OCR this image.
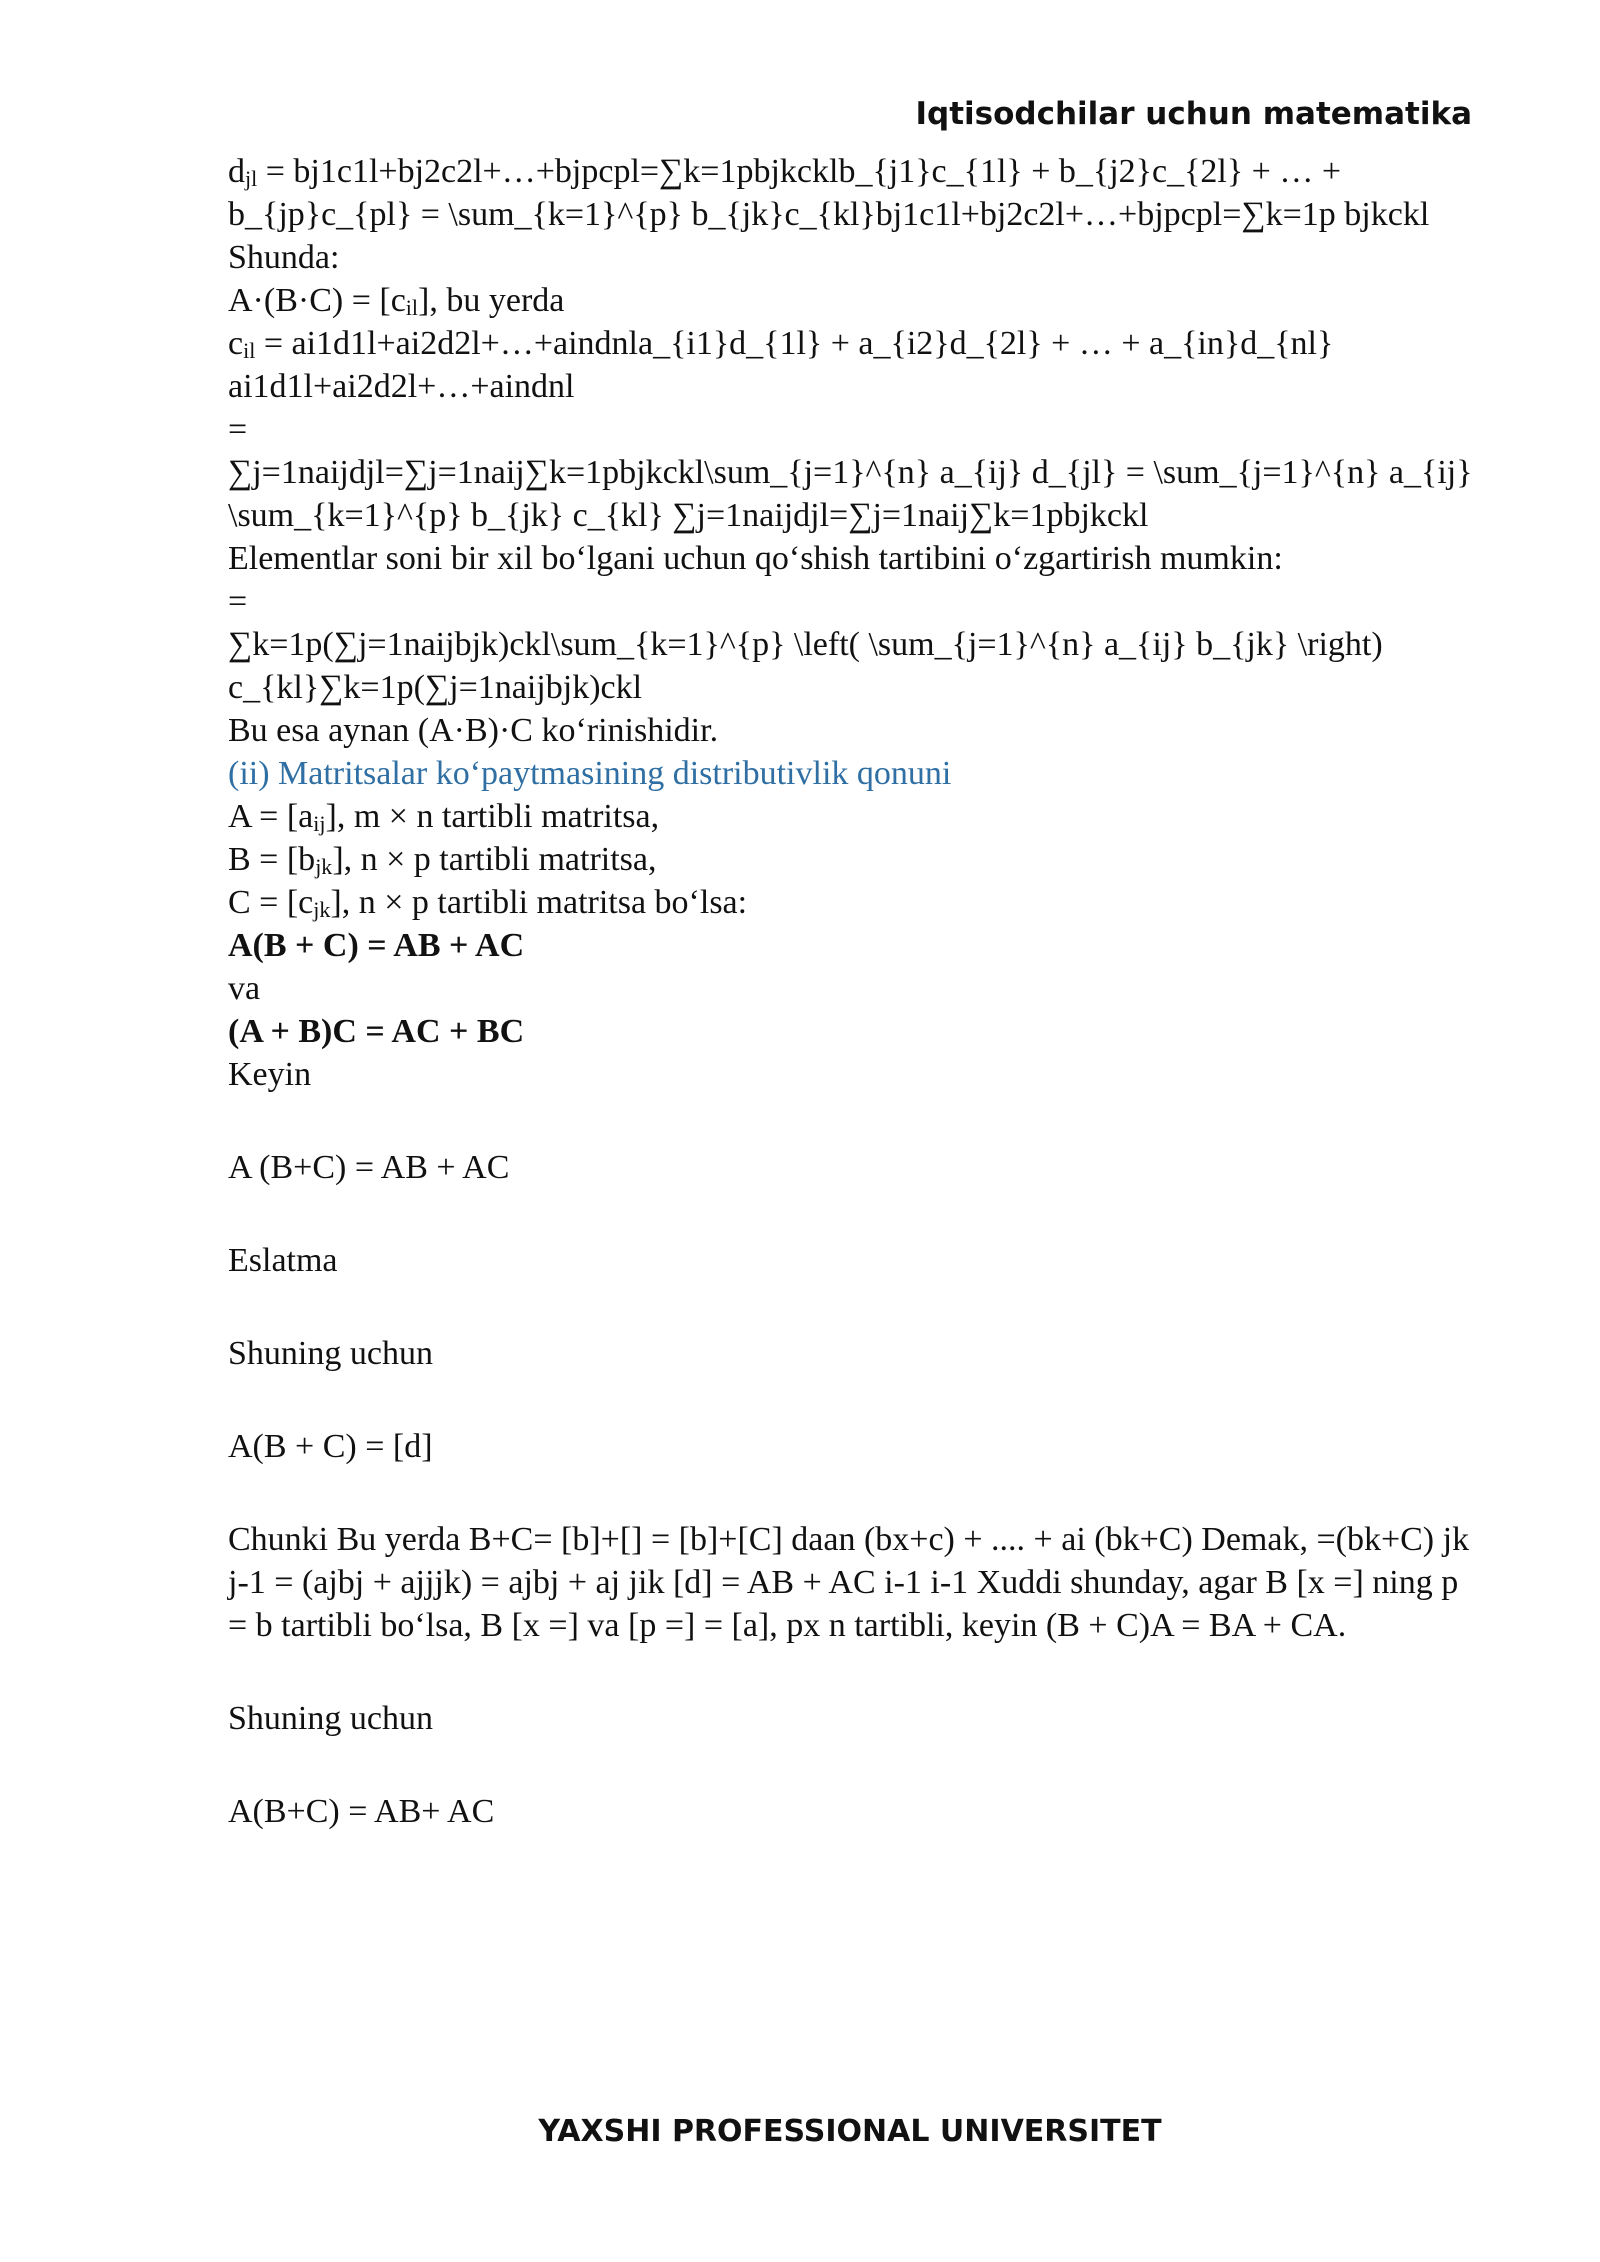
Iqtisodchilar uchun matematika

$d_{jl}$ = bj1c1l+bj2c2l+…+bjpcpl=∑k=1pbjkcklb_{j1}c_{1l} + b_{j2}c_{2l} + … + b_{jp}c_{pl} = \sum_{k=1}^{p} b_{jk}c_{kl}bj1c1l+bj2c2l+…+bjpcpl=∑k=1p bjkckl

Shunda:

$A\cdot(B\cdot C) = [c_{il}]$, bu yerda

$c_{il}$ = ai1d1l+ai2d2l+…+aindnla_{i1}d_{1l} + a_{i2}d_{2l} + … + a_{in}d_{nl} ai1d1l+ai2d2l+…+aindnl

=

∑j=1naijdjl=∑j=1naij∑k=1pbjkckl\sum_{j=1}^{n} a_{ij} d_{jl} = \sum_{j=1}^{n} a_{ij} \sum_{k=1}^{p} b_{jk} c_{kl} ∑j=1naijdjl=∑j=1naij∑k=1pbjkckl

Elementlar soni bir xil bo‘lgani uchun qo‘shish tartibini o‘zgartirish mumkin:

=

∑k=1p(∑j=1naijbjk)ckl\sum_{k=1}^{p} \left( \sum_{j=1}^{n} a_{ij} b_{jk} \right) c_{kl}∑k=1p(∑j=1naijbjk)ckl

Bu esa aynan (A·B)·C ko‘rinishidir.

(ii) Matritsalar ko‘paytmasining distributivlik qonuni

$A = [a_{ij}]$, m × n tartibli matritsa,

$B = [b_{jk}]$, n × p tartibli matritsa,

$C = [c_{jk}]$, n × p tartibli matritsa bo‘lsa:

A(B + C) = AB + AC

va

(A + B)C = AC + BC

Keyin

A (B+C) = AB + AC

Eslatma

Shuning uchun

A(B + C) = [d]

Chunki Bu yerda B+C= [b]+[] = [b]+[C] daan (bx+c) + .... + ai (bk+C) Demak, =(bk+C) jk j-1 = (ajbj + ajjjk) = ajbj + aj jik [d] = AB + AC i-1 i-1 Xuddi shunday, agar B [x =] ning p = b tartibli bo‘lsa, B [x =] va [p =] = [a], px n tartibli, keyin (B + C)A = BA + CA.

Shuning uchun

A(B+C) = AB+ AC

YAXSHI PROFESSIONAL UNIVERSITET
